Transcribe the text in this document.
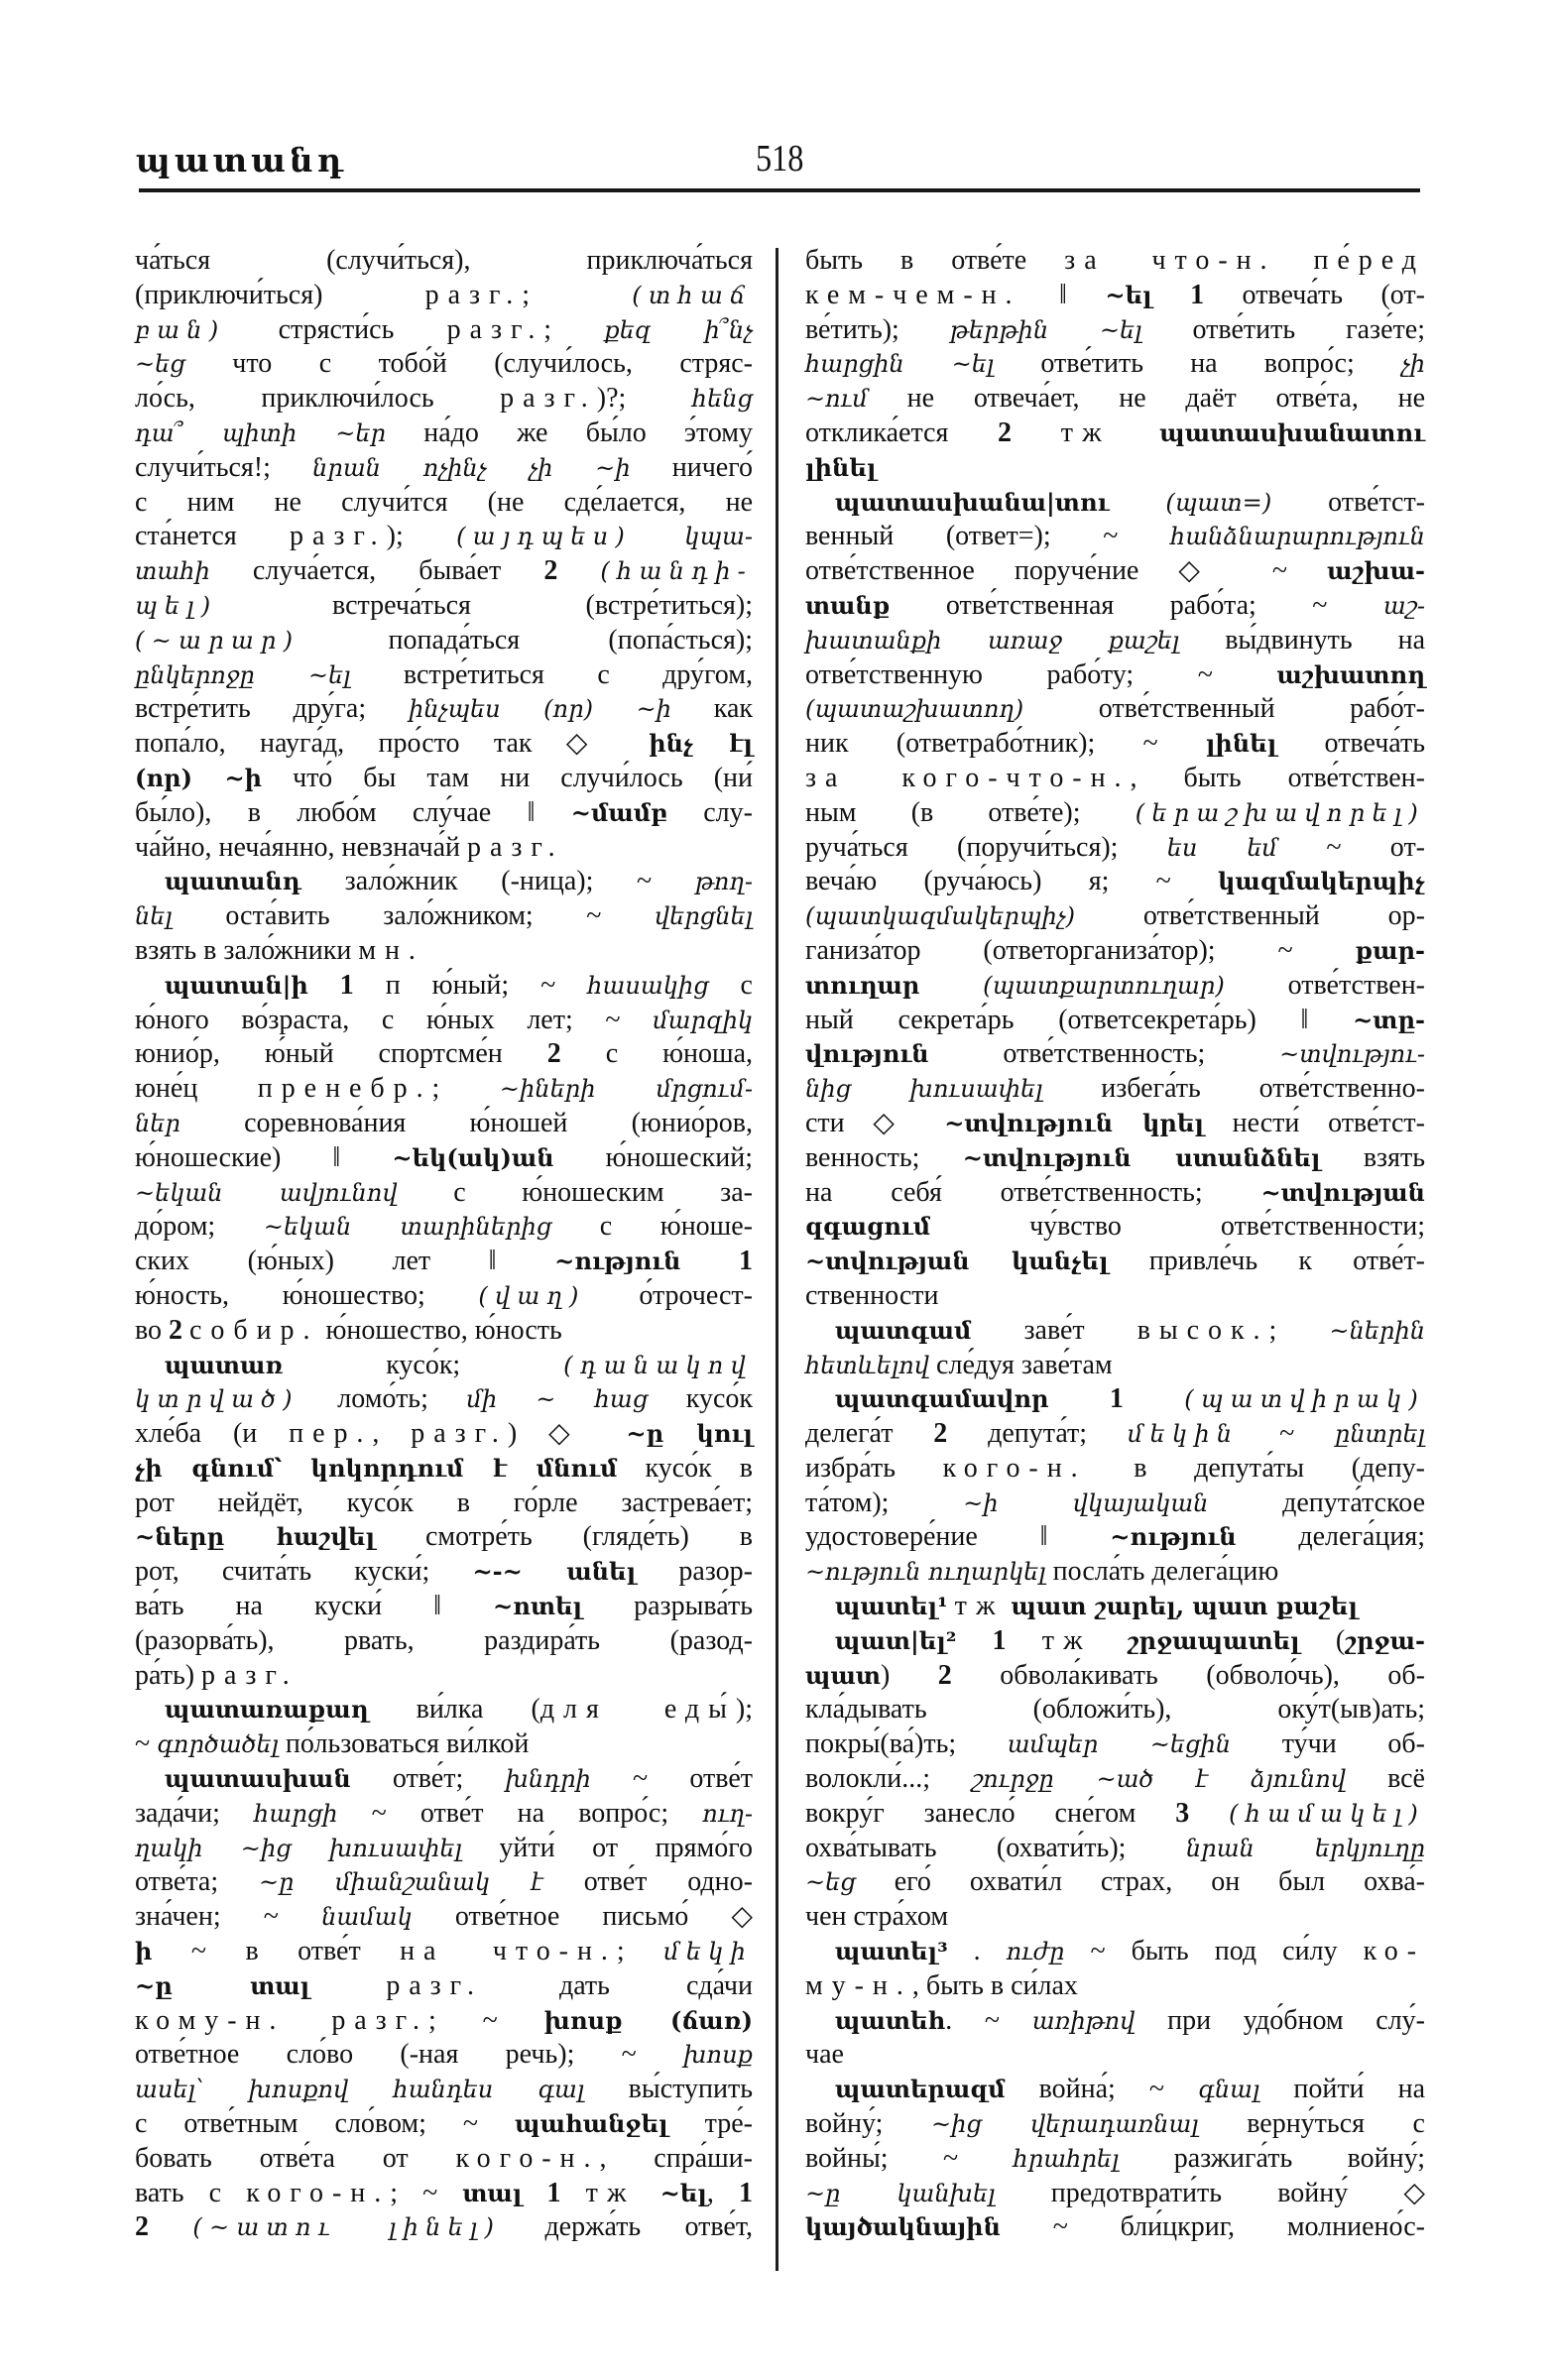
պատանդ	518
ча́ться (случи́ться), приключа́ться
(приключи́ться) разг.; (տհաճ
բան) стрясти́сь разг.; քեզ ի՞նչ
~եց что с тобо́й (случи́лось, стряс-
ло́сь, приключи́лось разг.)?; հենց
դա՞ պիտի ~եր на́до же бы́ло э́тому
случи́ться!; նրան ոչինչ չի ~ի ничего́
с ним не случи́тся (не сде́лается, не
ста́нется разг.); (այդպես) կպա-
տահի случа́ется, быва́ет 2 (հանդի-
պել) встреча́ться (встре́титься);
(~արար) попада́ться (попа́сться);
ընկերոջը ~ել встре́титься с дру́гом,
встре́тить дру́га; ինչպես (որ) ~ի как
попа́ло, науга́д, про́сто так ◇ ինչ էլ
(որ) ~ի что́ бы там ни случи́лось (ни́
бы́ло), в любо́м слу́чае ‖ ~մամբ слу-
ча́йно, неча́янно, невзнача́й разг.
պատանդ зало́жник (-ница); ~ թող-
նել оста́вить зало́жником; ~ վերցնել
взять в зало́жники мн.
պատան|ի 1 п ю́ный; ~ հասակից с
ю́ного во́зраста, с ю́ных лет; ~ մարզիկ
юнио́р, ю́ный спортсме́н 2 с ю́ноша,
юне́ц пренебр.; ~իների մրցում-
ներ соревнова́ния ю́ношей (юнио́ров,
ю́ношеские) ‖ ~եկ(ակ)ան ю́ношеский;
~եկան ավյունով с ю́ношеским за-
до́ром; ~եկան տարիներից с ю́ноше-
ских (ю́ных) лет ‖ ~ություն 1
ю́ность, ю́ношество; (վաղ) о́трочест-
во 2 собир. ю́ношество, ю́ность
պատառ кусо́к; (դանակով
կտրված) ломо́ть; մի ~ հաց кусо́к
хле́ба (и пер., разг.) ◇ ~ը կուլ
չի գնում՝ կոկորդում է մնում кусо́к в
рот нейдёт, кусо́к в го́рле застрева́ет;
~ները հաշվել смотре́ть (гляде́ть) в
рот, счита́ть куски́; ~-~ անել разор-
ва́ть на куски́ ‖ ~ոտել разрыва́ть
(разорва́ть), рвать, раздира́ть (разод-
ра́ть) разг.
պատառաքաղ ви́лка (для еды́);
~ գործածել по́льзоваться ви́лкой
պատասխան отве́т; խնդրի ~ отве́т
зада́чи; հարցի ~ отве́т на вопро́с; ուղ-
ղակի ~ից խուսափել уйти́ от прямо́го
отве́та; ~ը միանշանակ է отве́т одно-
зна́чен; ~ նամակ отве́тное письмо́ ◇
ի ~ в отве́т на что-н.; մեկի
~ը տալ	разг. дать сда́чи
кому-н. разг.; ~ խոսք (ճառ)
отве́тное сло́во (-ная речь); ~ խոսք
ասել՝ խոսքով հանդես գալ вы́ступить
с отве́тным сло́вом; ~ պահանջել тре́-
бовать отве́та от кого-н., спра́ши-
вать с кого-н.; ~ տալ 1 тж ~ել, 1
2 (~ատու լինել) держа́ть отве́т,
быть в отве́те за что-н. пе́ред
кем-чем-н. ‖ ~ել 1 отвеча́ть (от-
ве́тить); թերթին ~ել отве́тить газе́те;
հարցին ~ել отве́тить на вопро́с; չի
~ում не отвеча́ет, не даёт отве́та, не
отклика́ется 2 тж պատասխանատու
լինել
պատասխանա|տու (պատ=) отве́тст-
венный (ответ=); ~ հանձնարարություն
отве́тственное поруче́ние ◇ ~ աշխա-
տանք отве́тственная рабо́та; ~ աշ-
խատանքի առաջ քաշել вы́двинуть на
отве́тственную рабо́ту; ~ աշխատող
(պատաշխատող) отве́тственный рабо́т-
ник (ответрабо́тник); ~ լինել отвеча́ть
за кого-что-н., быть отве́тствен-
ным (в отве́те); (երաշխավորել)
руча́ться (поручи́ться); ես եմ ~ от-
веча́ю (руча́юсь) я; ~ կազմակերպիչ
(պատկազմակերպիչ) отве́тственный ор-
ганиза́тор (ответорганиза́тор); ~ քար-
տուղար	(պատքարտուղար) отве́тствен-
ный секрета́рь (ответсекрета́рь) ‖ ~տը-
վություն отве́тственность; ~տվությու-
նից խուսափել избега́ть отве́тственно-
сти ◇ ~տվություն կրել нести́ отве́тст-
венность; ~տվություն ստանձնել взять
на себя́ отве́тственность; ~տվության
զգացում чу́вство отве́тственности;
~տվության կանչել привле́чь к отве́т-
ственности
պատգամ заве́т высок.; ~ներին
հետևելով сле́дуя заве́там
պատգամավոր 1	(պատվիրակ)
делега́т 2 депута́т; մեկին ~ ընտրել
избра́ть кого-н. в депута́ты (депу-
та́том); ~ի վկայական депута́тское
удостовере́ние ‖ ~ություն делега́ция;
~ություն ուղարկել посла́ть делега́цию
պատել¹ тж պատ շարել, պատ քաշել
պատ|ել² 1 тж շրջապատել (շրջա-
պատ) 2 обвола́кивать (обволо́чь), об-
кла́дывать (обложи́ть), оку́т(ыв)ать;
покры́(ва́)ть; ամպեր ~եցին ту́чи об-
волокли́...; շուրջը ~ած է ձյունով всё
вокру́г занесло́ сне́гом 3 (համակել)
охва́тывать (охвати́ть); նրան երկյուղը
~եց его́ охвати́л страх, он был охва́-
чен стра́хом
պատել³ . ուժը ~ быть под си́лу ко-
му-н., быть в си́лах
պատեհ. ~ առիթով при удо́бном слу́-
чае
պատերազմ война́; ~ գնալ пойти́ на
войну́; ~ից վերադառնալ верну́ться с
войны́; ~ հրահրել разжига́ть войну́;
~ը կանխել предотврати́ть войну́ ◇
կայծակնային ~ бли́цкриг, молниено́с-
